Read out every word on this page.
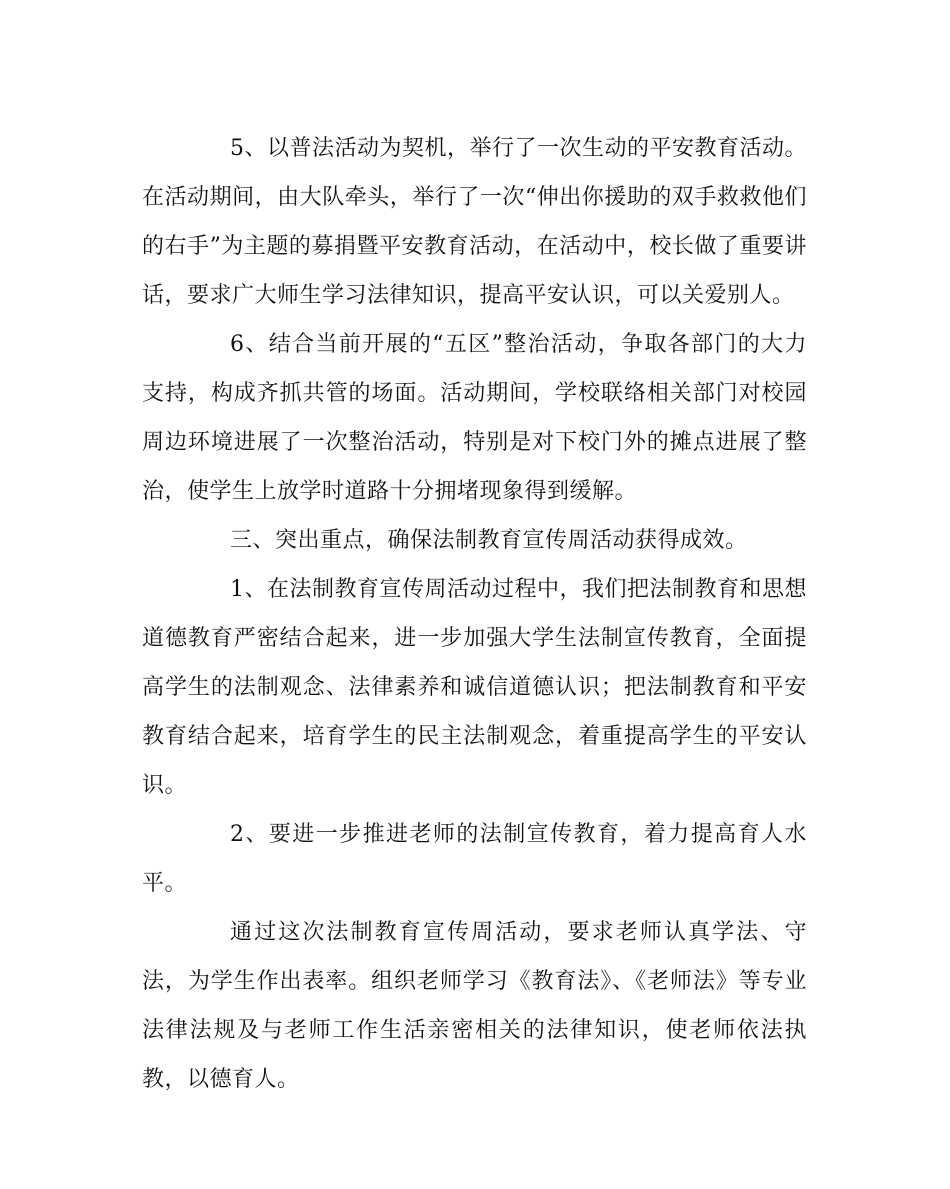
5、以普法活动为契机，举行了一次生动的平安教育活动。在活动期间，由大队牵头，举行了一次“伸出你援助的双手救救他们的右手”为主题的募捐暨平安教育活动，在活动中，校长做了重要讲话，要求广大师生学习法律知识，提高平安认识，可以关爱别人。

6、结合当前开展的“五区”整治活动，争取各部门的大力支持，构成齐抓共管的场面。活动期间，学校联络相关部门对校园周边环境进展了一次整治活动，特别是对下校门外的摊点进展了整治，使学生上放学时道路十分拥堵现象得到缓解。

三、突出重点，确保法制教育宣传周活动获得成效。

1、在法制教育宣传周活动过程中，我们把法制教育和思想道德教育严密结合起来，进一步加强大学生法制宣传教育，全面提高学生的法制观念、法律素养和诚信道德认识；把法制教育和平安教育结合起来，培育学生的民主法制观念，着重提高学生的平安认识。

2、要进一步推进老师的法制宣传教育，着力提高育人水平。

通过这次法制教育宣传周活动，要求老师认真学法、守法，为学生作出表率。组织老师学习《教育法》、《老师法》等专业法律法规及与老师工作生活亲密相关的法律知识，使老师依法执教，以德育人。
